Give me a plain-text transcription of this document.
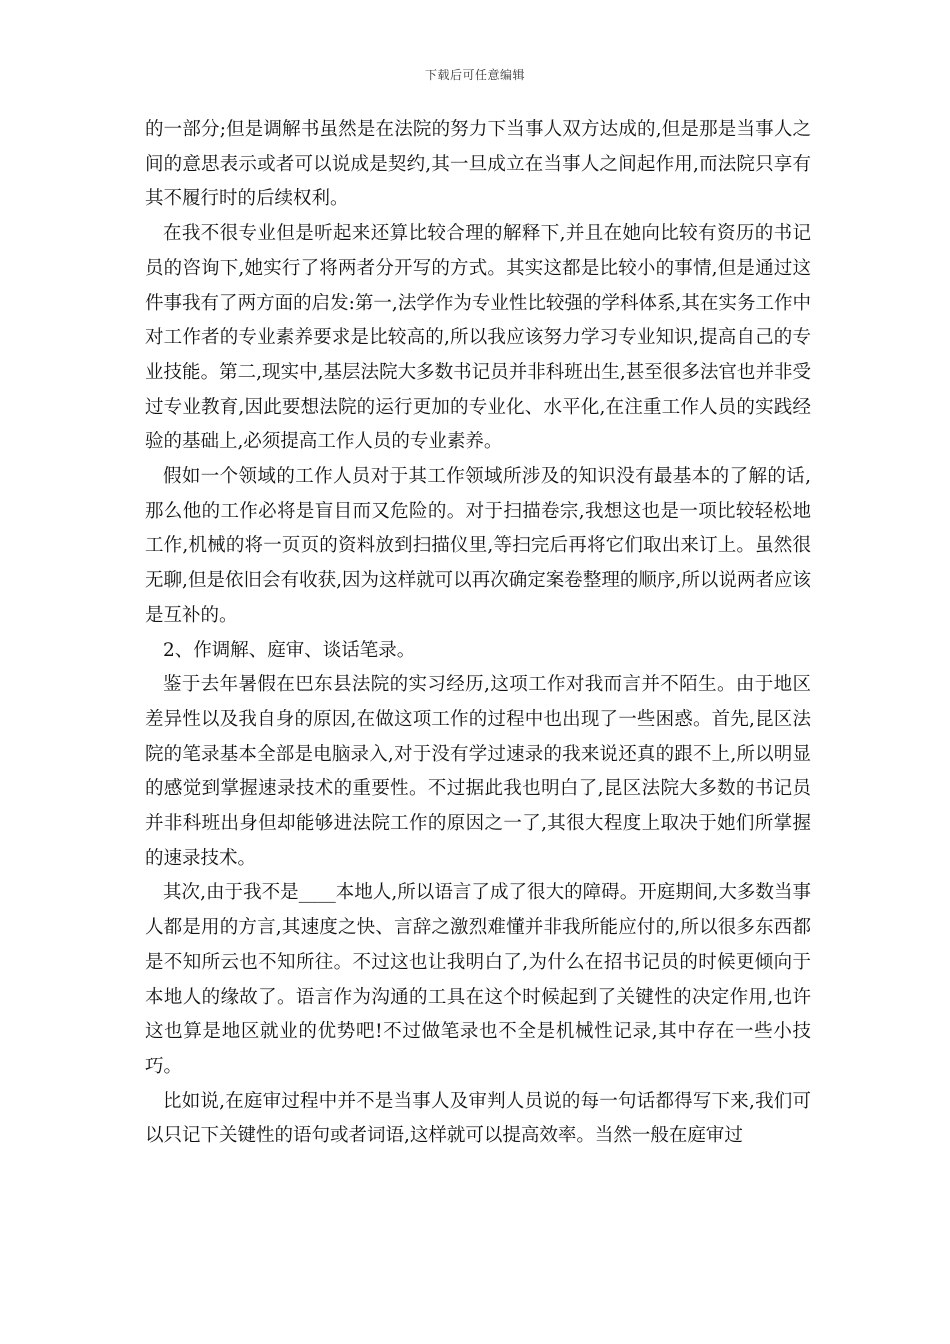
下载后可任意编辑

的一部分;但是调解书虽然是在法院的努力下当事人双方达成的,但是那是当事人之间的意思表示或者可以说成是契约,其一旦成立在当事人之间起作用,而法院只享有其不履行时的后续权利。

在我不很专业但是听起来还算比较合理的解释下,并且在她向比较有资历的书记员的咨询下,她实行了将两者分开写的方式。其实这都是比较小的事情,但是通过这件事我有了两方面的启发:第一,法学作为专业性比较强的学科体系,其在实务工作中对工作者的专业素养要求是比较高的,所以我应该努力学习专业知识,提高自己的专业技能。第二,现实中,基层法院大多数书记员并非科班出生,甚至很多法官也并非受过专业教育,因此要想法院的运行更加的专业化、水平化,在注重工作人员的实践经验的基础上,必须提高工作人员的专业素养。

假如一个领域的工作人员对于其工作领域所涉及的知识没有最基本的了解的话,那么他的工作必将是盲目而又危险的。对于扫描卷宗,我想这也是一项比较轻松地工作,机械的将一页页的资料放到扫描仪里,等扫完后再将它们取出来订上。虽然很无聊,但是依旧会有收获,因为这样就可以再次确定案卷整理的顺序,所以说两者应该是互补的。

2、作调解、庭审、谈话笔录。

鉴于去年暑假在巴东县法院的实习经历,这项工作对我而言并不陌生。由于地区差异性以及我自身的原因,在做这项工作的过程中也出现了一些困惑。首先,昆区法院的笔录基本全部是电脑录入,对于没有学过速录的我来说还真的跟不上,所以明显的感觉到掌握速录技术的重要性。不过据此我也明白了,昆区法院大多数的书记员并非科班出身但却能够进法院工作的原因之一了,其很大程度上取决于她们所掌握的速录技术。

其次,由于我不是____本地人,所以语言了成了很大的障碍。开庭期间,大多数当事人都是用的方言,其速度之快、言辞之激烈难懂并非我所能应付的,所以很多东西都是不知所云也不知所往。不过这也让我明白了,为什么在招书记员的时候更倾向于本地人的缘故了。语言作为沟通的工具在这个时候起到了关键性的决定作用,也许这也算是地区就业的优势吧!不过做笔录也不全是机械性记录,其中存在一些小技巧。

比如说,在庭审过程中并不是当事人及审判人员说的每一句话都得写下来,我们可以只记下关键性的语句或者词语,这样就可以提高效率。当然一般在庭审过
